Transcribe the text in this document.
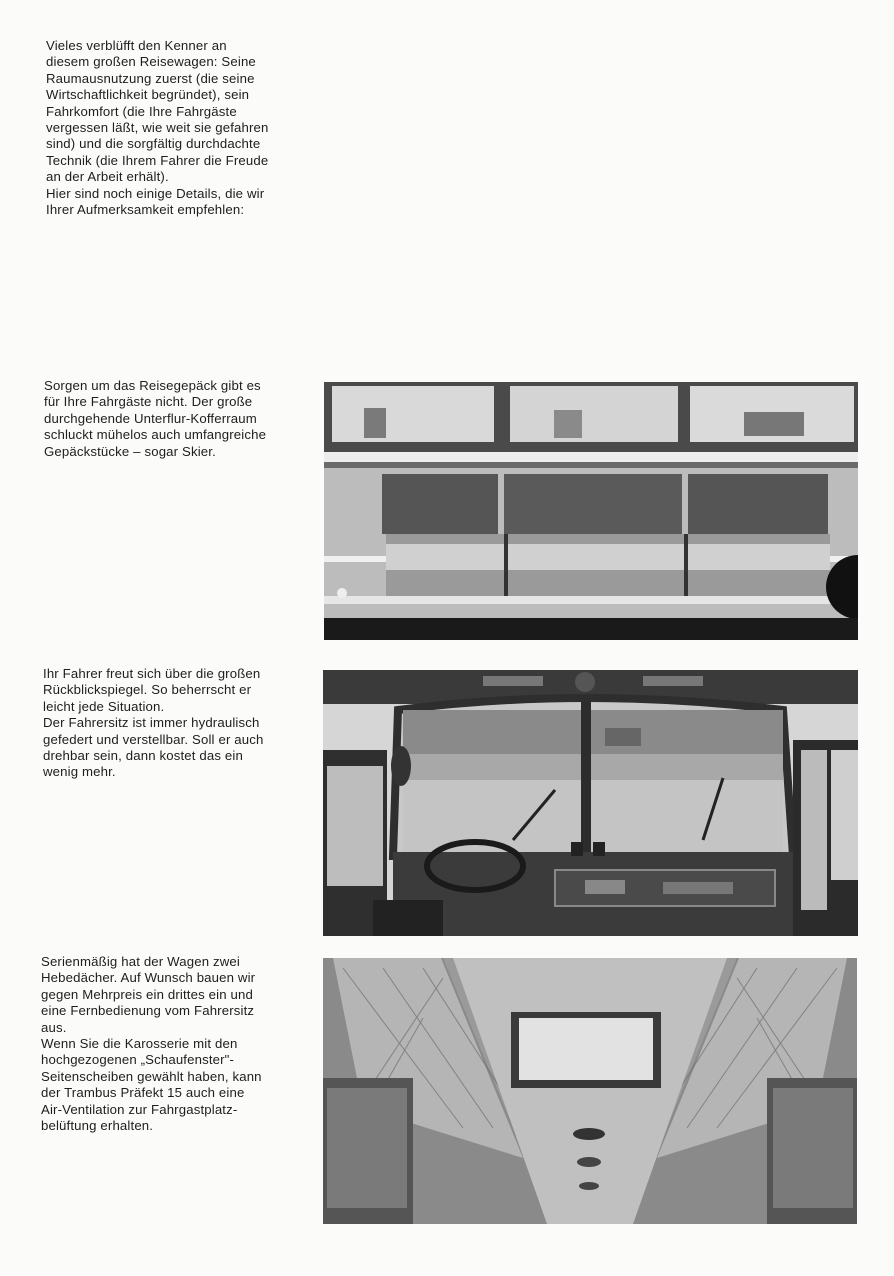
Vieles verblüfft den Kenner an
diesem großen Reisewagen: Seine
Raumausnutzung zuerst (die seine
Wirtschaftlichkeit begründet), sein
Fahrkomfort (die Ihre Fahrgäste
vergessen läßt, wie weit sie gefahren
sind) und die sorgfältig durchdachte
Technik (die Ihrem Fahrer die Freude
an der Arbeit erhält).
Hier sind noch einige Details, die wir
Ihrer Aufmerksamkeit empfehlen:

Sorgen um das Reisegepäck gibt es
für Ihre Fahrgäste nicht. Der große
durchgehende Unterflur-Kofferraum
schluckt mühelos auch umfangreiche
Gepäckstücke – sogar Skier.

Ihr Fahrer freut sich über die großen
Rückblickspiegel. So beherrscht er
leicht jede Situation.
Der Fahrersitz ist immer hydraulisch
gefedert und verstellbar. Soll er auch
drehbar sein, dann kostet das ein
wenig mehr.

Serienmäßig hat der Wagen zwei
Hebedächer. Auf Wunsch bauen wir
gegen Mehrpreis ein drittes ein und
eine Fernbedienung vom Fahrersitz
aus.
Wenn Sie die Karosserie mit den
hochgezogenen „Schaufenster"-
Seitenscheiben gewählt haben, kann
der Trambus Präfekt 15 auch eine
Air-Ventilation zur Fahrgastplatz-
belüftung erhalten.
